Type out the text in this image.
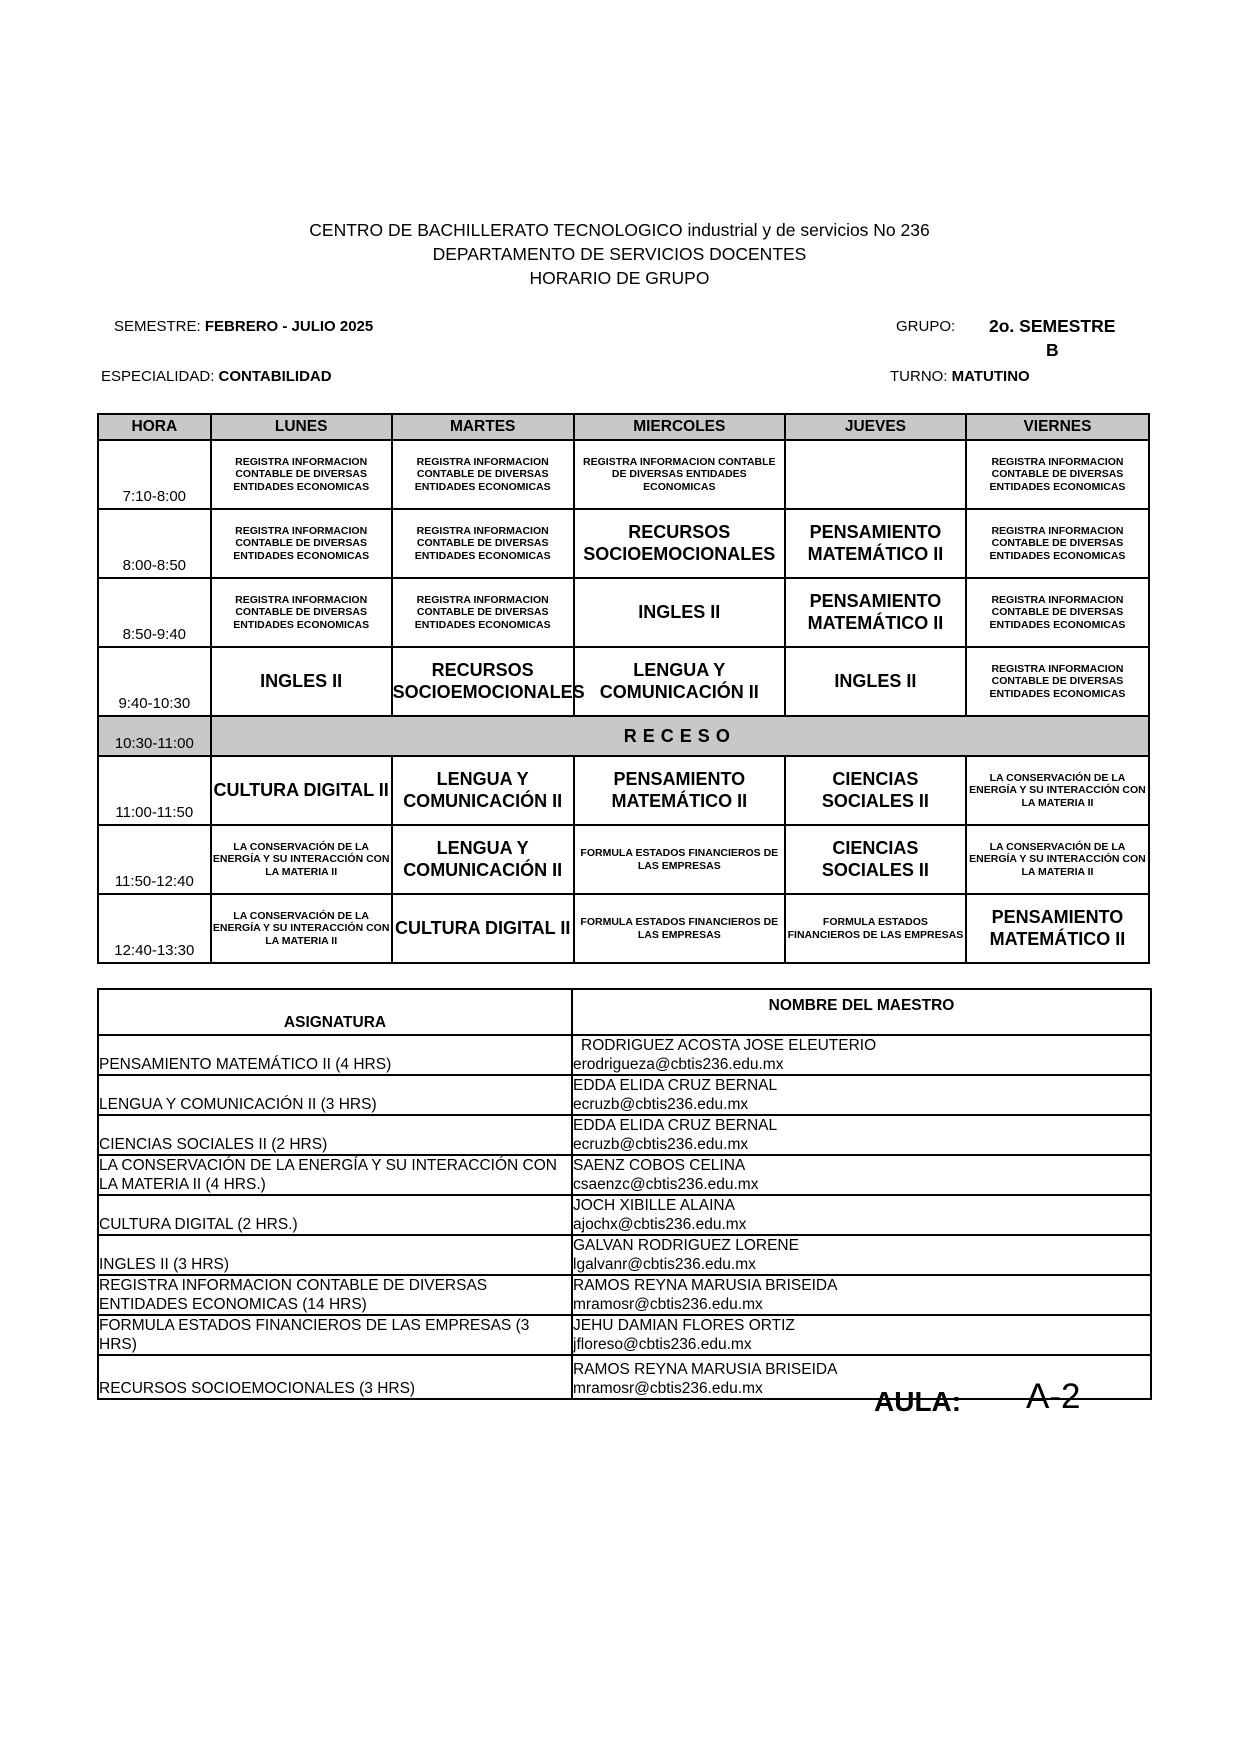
CENTRO DE BACHILLERATO TECNOLOGICO industrial y de servicios No 236
DEPARTAMENTO DE SERVICIOS DOCENTES
HORARIO DE GRUPO
SEMESTRE: FEBRERO - JULIO 2025	GRUPO: 2o. SEMESTRE
B
ESPECIALIDAD: CONTABILIDAD	TURNO: MATUTINO
HORA	LUNES	MARTES	MIERCOLES	JUEVES	VIERNES
7:10-8:00	REGISTRA INFORMACION CONTABLE DE DIVERSAS ENTIDADES ECONOMICAS	REGISTRA INFORMACION CONTABLE DE DIVERSAS ENTIDADES ECONOMICAS	REGISTRA INFORMACION CONTABLE DE DIVERSAS ENTIDADES ECONOMICAS		REGISTRA INFORMACION CONTABLE DE DIVERSAS ENTIDADES ECONOMICAS
8:00-8:50	REGISTRA INFORMACION CONTABLE DE DIVERSAS ENTIDADES ECONOMICAS	REGISTRA INFORMACION CONTABLE DE DIVERSAS ENTIDADES ECONOMICAS	RECURSOS SOCIOEMOCIONALES	PENSAMIENTO MATEMÁTICO II	REGISTRA INFORMACION CONTABLE DE DIVERSAS ENTIDADES ECONOMICAS
8:50-9:40	REGISTRA INFORMACION CONTABLE DE DIVERSAS ENTIDADES ECONOMICAS	REGISTRA INFORMACION CONTABLE DE DIVERSAS ENTIDADES ECONOMICAS	INGLES II	PENSAMIENTO MATEMÁTICO II	REGISTRA INFORMACION CONTABLE DE DIVERSAS ENTIDADES ECONOMICAS
9:40-10:30	INGLES II	RECURSOS SOCIOEMOCIONALES	LENGUA Y COMUNICACIÓN II	INGLES II	REGISTRA INFORMACION CONTABLE DE DIVERSAS ENTIDADES ECONOMICAS
10:30-11:00	RECESO				
11:00-11:50	CULTURA DIGITAL II	LENGUA Y COMUNICACIÓN II	PENSAMIENTO MATEMÁTICO II	CIENCIAS SOCIALES II	LA CONSERVACIÓN DE LA ENERGÍA Y SU INTERACCIÓN CON LA MATERIA II
11:50-12:40	LA CONSERVACIÓN DE LA ENERGÍA Y SU INTERACCIÓN CON LA MATERIA II	LENGUA Y COMUNICACIÓN II	FORMULA ESTADOS FINANCIEROS DE LAS EMPRESAS	CIENCIAS SOCIALES II	LA CONSERVACIÓN DE LA ENERGÍA Y SU INTERACCIÓN CON LA MATERIA II
12:40-13:30	LA CONSERVACIÓN DE LA ENERGÍA Y SU INTERACCIÓN CON LA MATERIA II	CULTURA DIGITAL II	FORMULA ESTADOS FINANCIEROS DE LAS EMPRESAS	FORMULA ESTADOS FINANCIEROS DE LAS EMPRESAS	PENSAMIENTO MATEMÁTICO II
ASIGNATURA	NOMBRE DEL MAESTRO
PENSAMIENTO MATEMÁTICO II (4 HRS)	RODRIGUEZ ACOSTA JOSE ELEUTERIO
erodrigueza@cbtis236.edu.mx

LENGUA Y COMUNICACIÓN II (3 HRS)	EDDA ELIDA CRUZ BERNAL
ecruzb@cbtis236.edu.mx

CIENCIAS SOCIALES II (2 HRS)	EDDA ELIDA CRUZ BERNAL
ecruzb@cbtis236.edu.mx

LA CONSERVACIÓN DE LA ENERGÍA Y SU INTERACCIÓN CON LA MATERIA II (4 HRS.)	SAENZ COBOS CELINA
csaenzc@cbtis236.edu.mx

CULTURA DIGITAL (2 HRS.)	JOCH XIBILLE ALAINA
ajochx@cbtis236.edu.mx

INGLES II (3 HRS)	GALVAN RODRIGUEZ LORENE
lgalvanr@cbtis236.edu.mx

REGISTRA INFORMACION CONTABLE DE DIVERSAS ENTIDADES ECONOMICAS (14 HRS)	RAMOS REYNA MARUSIA BRISEIDA
mramosr@cbtis236.edu.mx

FORMULA ESTADOS FINANCIEROS DE LAS EMPRESAS (3 HRS)	JEHU DAMIAN FLORES ORTIZ
jfloreso@cbtis236.edu.mx

RECURSOS SOCIOEMOCIONALES (3 HRS)	RAMOS REYNA MARUSIA BRISEIDA
mramosr@cbtis236.edu.mx	AULA: A-2
